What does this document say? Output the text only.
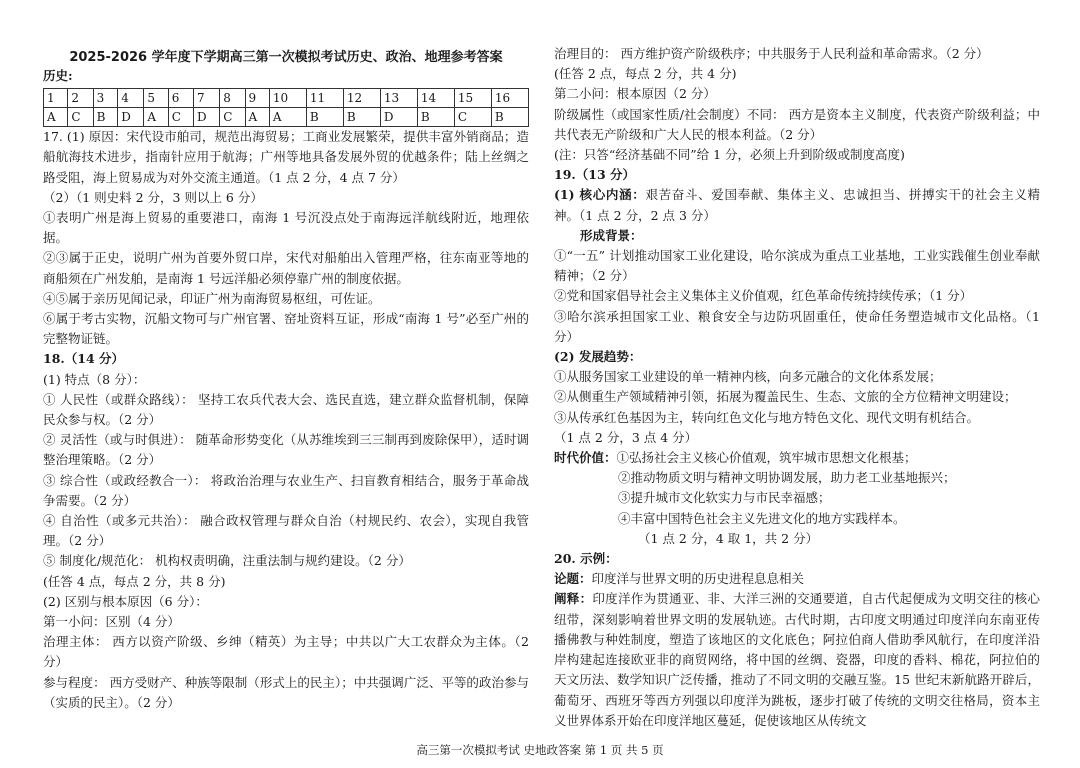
2025-2026 学年度下学期高三第一次模拟考试历史、政治、地理参考答案
历史:
1	2	3	4	5	6	7	8	9	10	11	12	13	14	15	16
A	C	B	D	A	C	D	C	A	A	B	B	D	B	C	B
17. (1) 原因：宋代设市舶司，规范出海贸易；工商业发展繁荣，提供丰富外销商品；造船航海技术进步，指南针应用于航海；广州等地具备发展外贸的优越条件；陆上丝绸之路受阻，海上贸易成为对外交流主通道。（1 点 2 分，4 点 7 分）
（2）（1 则史料 2 分，3 则以上 6 分）
①表明广州是海上贸易的重要港口，南海 1 号沉没点处于南海远洋航线附近，地理依据。
②③属于正史，说明广州为首要外贸口岸，宋代对船舶出入管理严格，往东南亚等地的商船须在广州发舶，是南海 1 号远洋船必须停靠广州的制度依据。
④⑤属于亲历见闻记录，印证广州为南海贸易枢纽，可佐证。
⑥属于考古实物，沉船文物可与广州官署、窑址资料互证，形成“南海 1 号”必至广州的完整物证链。
18.（14 分）
(1) 特点（8 分）：
① 人民性（或群众路线）： 坚持工农兵代表大会、选民直选，建立群众监督机制，保障民众参与权。（2 分）
② 灵活性（或与时俱进）： 随革命形势变化（从苏维埃到三三制再到废除保甲），适时调整治理策略。（2 分）
③ 综合性（或政经教合一）： 将政治治理与农业生产、扫盲教育相结合，服务于革命战争需要。（2 分）
④ 自治性（或多元共治）： 融合政权管理与群众自治（村规民约、农会），实现自我管理。（2 分）
⑤ 制度化/规范化： 机构权责明确，注重法制与规约建设。（2 分）
(任答 4 点，每点 2 分，共 8 分)
(2) 区别与根本原因（6 分）：
第一小问：区别（4 分）
治理主体： 西方以资产阶级、乡绅（精英）为主导；中共以广大工农群众为主体。（2 分）
参与程度： 西方受财产、种族等限制（形式上的民主）；中共强调广泛、平等的政治参与（实质的民主）。（2 分）
治理目的： 西方维护资产阶级秩序；中共服务于人民利益和革命需求。（2 分）
(任答 2 点，每点 2 分，共 4 分)
第二小问：根本原因（2 分）
阶级属性（或国家性质/社会制度）不同： 西方是资本主义制度，代表资产阶级利益；中共代表无产阶级和广大人民的根本利益。（2 分）
(注：只答“经济基础不同”给 1 分，必须上升到阶级或制度高度)
19.（13 分）
(1) 核心内涵：艰苦奋斗、爱国奉献、集体主义、忠诚担当、拼搏实干的社会主义精神。（1 点 2 分，2 点 3 分）
形成背景：
①“一五” 计划推动国家工业化建设，哈尔滨成为重点工业基地，工业实践催生创业奉献精神；（2 分）
②党和国家倡导社会主义集体主义价值观，红色革命传统持续传承；（1 分）
③哈尔滨承担国家工业、粮食安全与边防巩固重任，使命任务塑造城市文化品格。（1 分）
(2) 发展趋势：
①从服务国家工业建设的单一精神内核，向多元融合的文化体系发展；
②从侧重生产领域精神引领，拓展为覆盖民生、生态、文旅的全方位精神文明建设；
③从传承红色基因为主，转向红色文化与地方特色文化、现代文明有机结合。
（1 点 2 分，3 点 4 分）
时代价值：①弘扬社会主义核心价值观，筑牢城市思想文化根基；
②推动物质文明与精神文明协调发展，助力老工业基地振兴；
③提升城市文化软实力与市民幸福感；
④丰富中国特色社会主义先进文化的地方实践样本。
（1 点 2 分，4 取 1，共 2 分）
20. 示例：
论题：印度洋与世界文明的历史进程息息相关
阐释：印度洋作为贯通亚、非、大洋三洲的交通要道，自古代起便成为文明交往的核心纽带，深刻影响着世界文明的发展轨迹。古代时期，古印度文明通过印度洋向东南亚传播佛教与种姓制度，塑造了该地区的文化底色；阿拉伯商人借助季风航行，在印度洋沿岸构建起连接欧亚非的商贸网络，将中国的丝绸、瓷器，印度的香料、棉花，阿拉伯的天文历法、数学知识广泛传播，推动了不同文明的交融互鉴。15 世纪末新航路开辟后，葡萄牙、西班牙等西方列强以印度洋为跳板，逐步打破了传统的文明交往格局，资本主义世界体系开始在印度洋地区蔓延，促使该地区从传统文
高三第一次模拟考试 史地政答案 第 1 页 共 5 页
